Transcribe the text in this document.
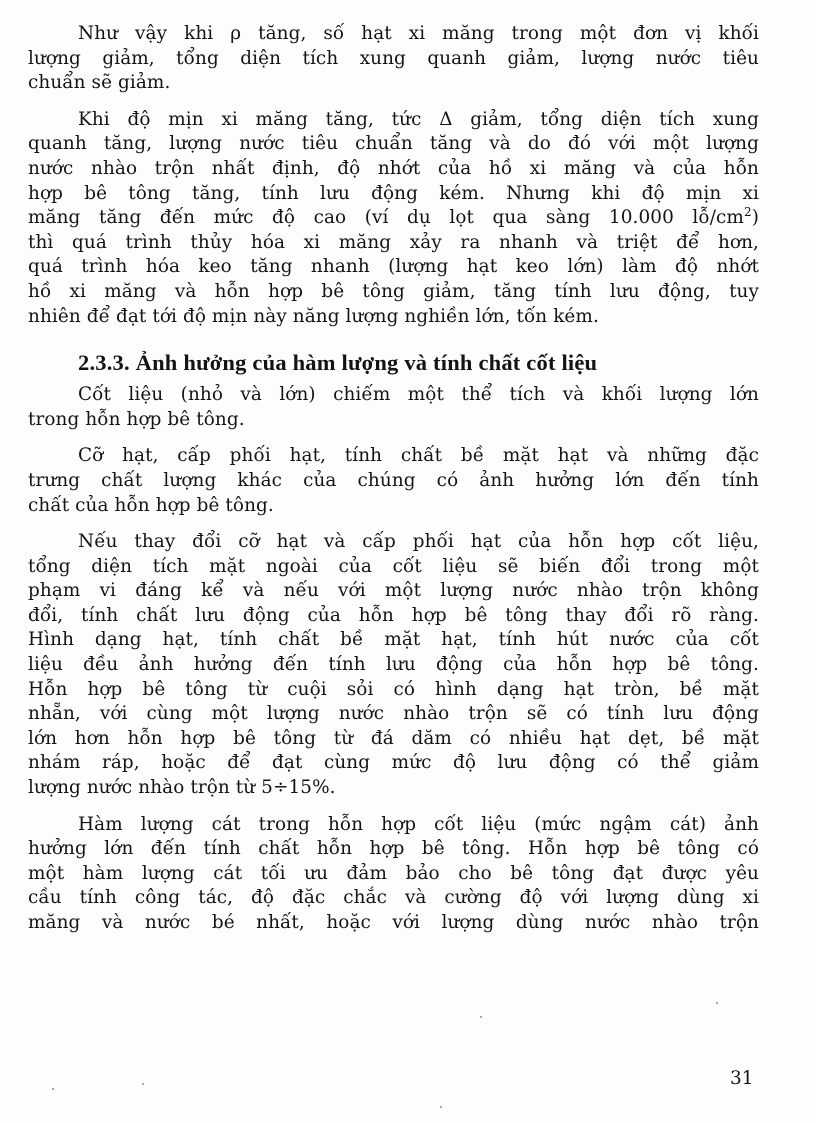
Như vậy khi ρ tăng, số hạt xi măng trong một đơn vị khối
lượng giảm, tổng diện tích xung quanh giảm, lượng nước tiêu
chuẩn sẽ giảm.
Khi độ mịn xi măng tăng, tức Δ giảm, tổng diện tích xung
quanh tăng, lượng nước tiêu chuẩn tăng và do đó với một lượng
nước nhào trộn nhất định, độ nhớt của hồ xi măng và của hỗn
hợp bê tông tăng, tính lưu động kém. Nhưng khi độ mịn xi
măng tăng đến mức độ cao (ví dụ lọt qua sàng 10.000 $lỗ/cm^2$)
thì quá trình thủy hóa xi măng xảy ra nhanh và triệt để hơn,
quá trình hóa keo tăng nhanh (lượng hạt keo lớn) làm độ nhớt
hồ xi măng và hỗn hợp bê tông giảm, tăng tính lưu động, tuy
nhiên để đạt tới độ mịn này năng lượng nghiền lớn, tốn kém.
2.3.3. Ảnh hưởng của hàm lượng và tính chất cốt liệu
Cốt liệu (nhỏ và lớn) chiếm một thể tích và khối lượng lớn
trong hỗn hợp bê tông.
Cỡ hạt, cấp phối hạt, tính chất bề mặt hạt và những đặc
trưng chất lượng khác của chúng có ảnh hưởng lớn đến tính
chất của hỗn hợp bê tông.
Nếu thay đổi cỡ hạt và cấp phối hạt của hỗn hợp cốt liệu,
tổng diện tích mặt ngoài của cốt liệu sẽ biến đổi trong một
phạm vi đáng kể và nếu với một lượng nước nhào trộn không
đổi, tính chất lưu động của hỗn hợp bê tông thay đổi rõ ràng.
Hình dạng hạt, tính chất bề mặt hạt, tính hút nước của cốt
liệu đều ảnh hưởng đến tính lưu động của hỗn hợp bê tông.
Hỗn hợp bê tông từ cuội sỏi có hình dạng hạt tròn, bề mặt
nhẵn, với cùng một lượng nước nhào trộn sẽ có tính lưu động
lớn hơn hỗn hợp bê tông từ đá dăm có nhiều hạt dẹt, bề mặt
nhám ráp, hoặc để đạt cùng mức độ lưu động có thể giảm
lượng nước nhào trộn từ 5÷15%.
Hàm lượng cát trong hỗn hợp cốt liệu (mức ngậm cát) ảnh
hưởng lớn đến tính chất hỗn hợp bê tông. Hỗn hợp bê tông có
một hàm lượng cát tối ưu đảm bảo cho bê tông đạt được yêu
cầu tính công tác, độ đặc chắc và cường độ với lượng dùng xi
măng và nước bé nhất, hoặc với lượng dùng nước nhào trộn
31
